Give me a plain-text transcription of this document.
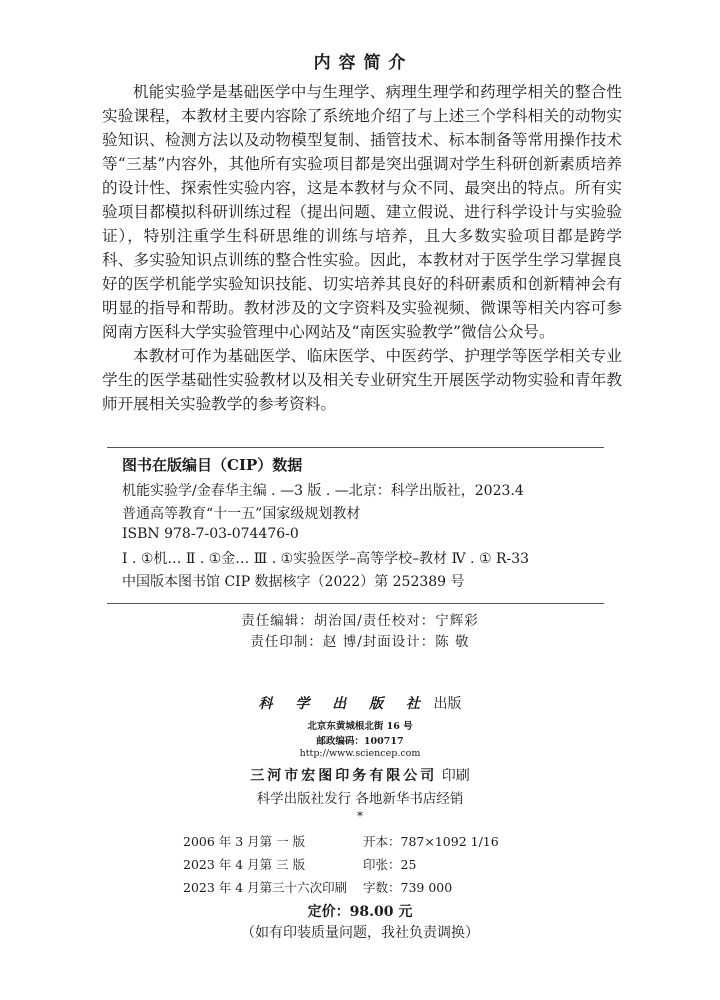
内 容 简 介

机能实验学是基础医学中与生理学、病理生理学和药理学相关的整合性实验课程，本教材主要内容除了系统地介绍了与上述三个学科相关的动物实验知识、检测方法以及动物模型复制、插管技术、标本制备等常用操作技术等“三基”内容外，其他所有实验项目都是突出强调对学生科研创新素质培养的设计性、探索性实验内容，这是本教材与众不同、最突出的特点。所有实验项目都模拟科研训练过程（提出问题、建立假说、进行科学设计与实验验证），特别注重学生科研思维的训练与培养，且大多数实验项目都是跨学科、多实验知识点训练的整合性实验。因此，本教材对于医学生学习掌握良好的医学机能学实验知识技能、切实培养其良好的科研素质和创新精神会有明显的指导和帮助。教材涉及的文字资料及实验视频、微课等相关内容可参阅南方医科大学实验管理中心网站及“南医实验教学”微信公众号。

本教材可作为基础医学、临床医学、中医药学、护理学等医学相关专业学生的医学基础性实验教材以及相关专业研究生开展医学动物实验和青年教师开展相关实验教学的参考资料。

图书在版编目（CIP）数据
机能实验学/金春华主编 . —3 版 . —北京：科学出版社，2023.4
普通高等教育“十一五”国家级规划教材
ISBN 978-7-03-074476-0
Ⅰ . ①机… Ⅱ . ①金… Ⅲ . ①实验医学–高等学校–教材 Ⅳ . ① R-33
中国版本图书馆 CIP 数据核字（2022）第 252389 号
责任编辑：胡治国/责任校对：宁辉彩
责任印制：赵 博/封面设计：陈 敬
科 学 出 版 社 出版
北京东黄城根北街 16 号
邮政编码：100717
http://www.sciencep.com
三河市宏图印务有限公司 印刷
科学出版社发行 各地新华书店经销
*
2006 年 3 月第 一 版	开本：787×1092 1/16
2023 年 4 月第 三 版	印张：25
2023 年 4 月第三十六次印刷 字数：739 000
定价：98.00 元
（如有印装质量问题，我社负责调换）
